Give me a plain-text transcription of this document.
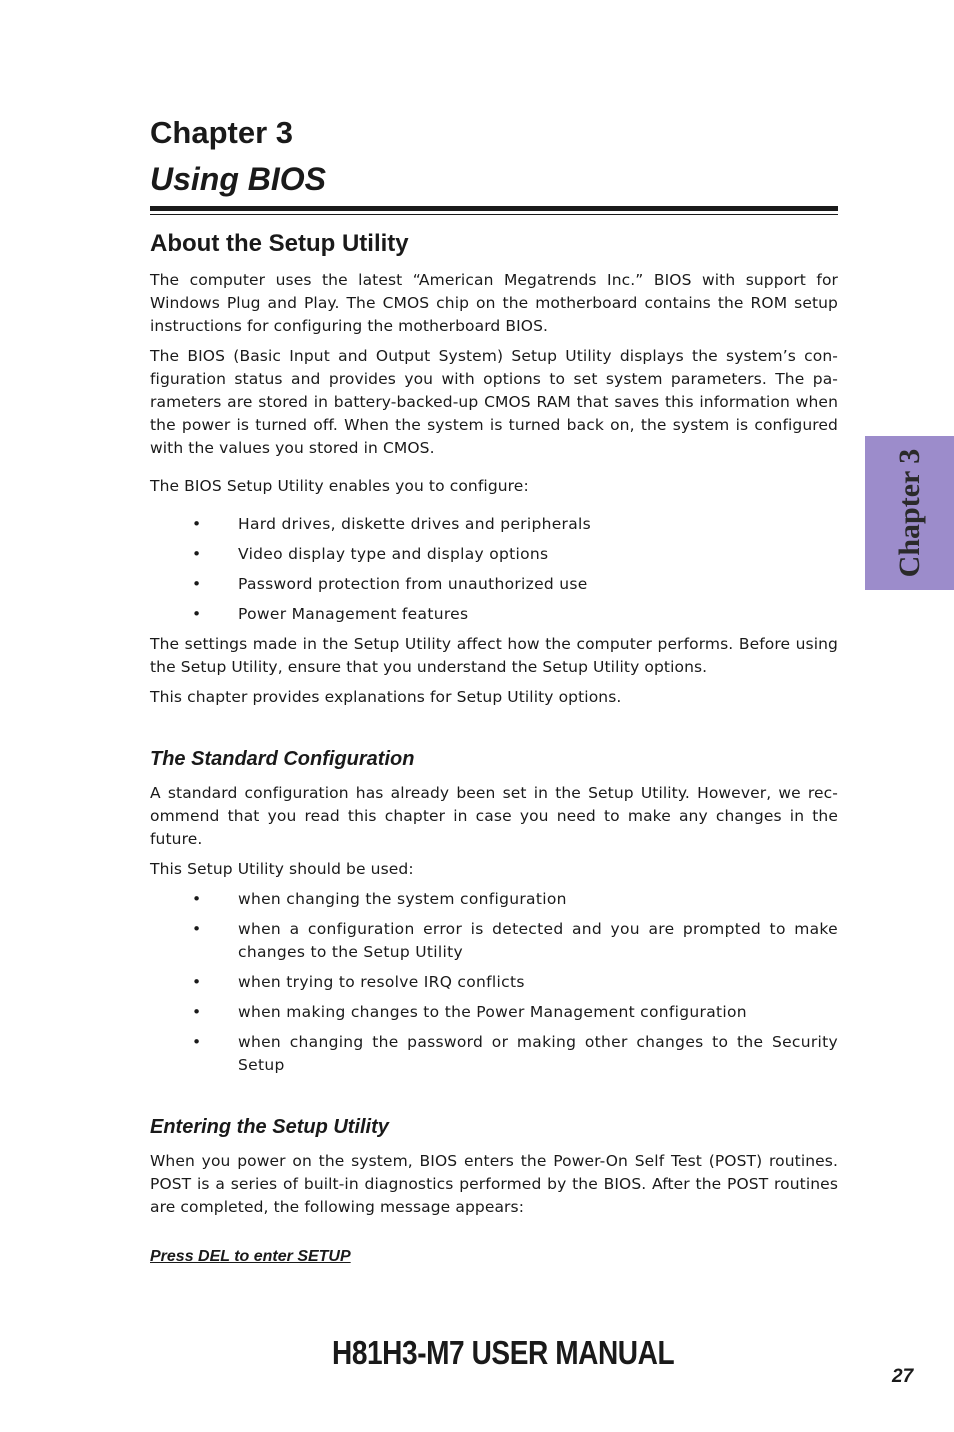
Chapter 3
Using BIOS
About the Setup Utility

The computer uses the latest “American Megatrends Inc.” BIOS with support for Windows Plug and Play. The CMOS chip on the motherboard contains the ROM setup instructions for configuring the motherboard BIOS.

The BIOS (Basic Input and Output System) Setup Utility displays the system’s con-figuration status and provides you with options to set system parameters. The pa-rameters are stored in battery-backed-up CMOS RAM that saves this information when the power is turned off. When the system is turned back on, the system is configured with the values you stored in CMOS.

The BIOS Setup Utility enables you to configure:

• Hard drives, diskette drives and peripherals
• Video display type and display options
• Password protection from unauthorized use
• Power Management features

The settings made in the Setup Utility affect how the computer performs. Before using the Setup Utility, ensure that you understand the Setup Utility options.

This chapter provides explanations for Setup Utility options.

The Standard Configuration

A standard configuration has already been set in the Setup Utility. However, we rec-ommend that you read this chapter in case you need to make any changes in the future.

This Setup Utility should be used:

• when changing the system configuration
• when a configuration error is detected and you are prompted to make changes to the Setup Utility
• when trying to resolve IRQ conflicts
• when making changes to the Power Management configuration
• when changing the password or making other changes to the Security Setup
Entering the Setup Utility

When you power on the system, BIOS enters the Power-On Self Test (POST) routines. POST is a series of built-in diagnostics performed by the BIOS. After the POST routines are completed, the following message appears:

Press DEL to enter SETUP
Chapter 3
H81H3-M7 USER MANUAL
27
